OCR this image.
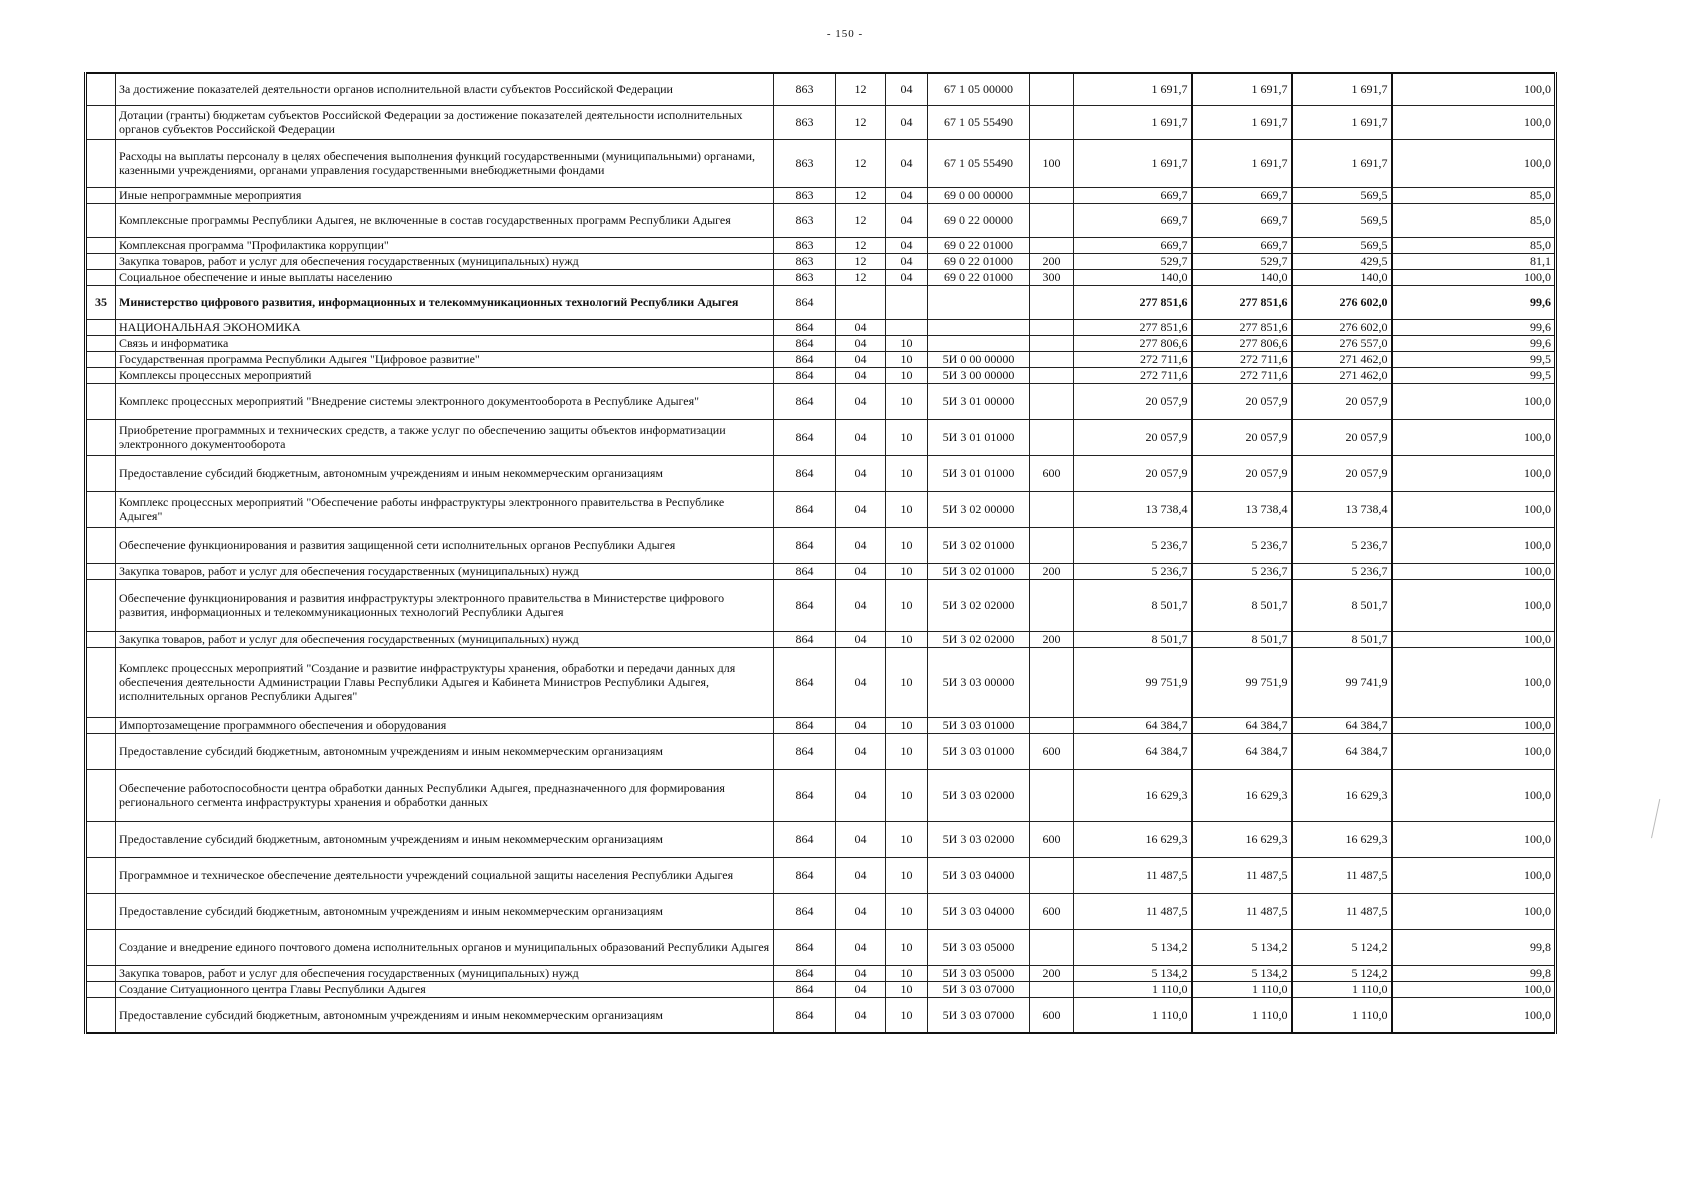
- 150 -
	За достижение показателей деятельности органов исполнительной власти субъектов Российской Федерации	863	12	04	67 1 05 00000		1 691,7	1 691,7	1 691,7	100,0
	Дотации (гранты) бюджетам субъектов Российской Федерации за достижение показателей деятельности исполнительных органов субъектов Российской Федерации	863	12	04	67 1 05 55490		1 691,7	1 691,7	1 691,7	100,0
	Расходы на выплаты персоналу в целях обеспечения выполнения функций государственными (муниципальными) органами, казенными учреждениями, органами управления государственными внебюджетными фондами	863	12	04	67 1 05 55490	100	1 691,7	1 691,7	1 691,7	100,0
	Иные непрограммные мероприятия	863	12	04	69 0 00 00000		669,7	669,7	569,5	85,0
	Комплексные программы Республики Адыгея, не включенные в состав государственных программ Республики Адыгея	863	12	04	69 0 22 00000		669,7	669,7	569,5	85,0
	Комплексная программа "Профилактика коррупции"	863	12	04	69 0 22 01000		669,7	669,7	569,5	85,0
	Закупка товаров, работ и услуг для обеспечения государственных (муниципальных) нужд	863	12	04	69 0 22 01000	200	529,7	529,7	429,5	81,1
	Социальное обеспечение и иные выплаты населению	863	12	04	69 0 22 01000	300	140,0	140,0	140,0	100,0
35	Министерство цифрового развития, информационных и телекоммуникационных технологий Республики Адыгея	864					277 851,6	277 851,6	276 602,0	99,6
	НАЦИОНАЛЬНАЯ ЭКОНОМИКА	864	04				277 851,6	277 851,6	276 602,0	99,6
	Связь и информатика	864	04	10			277 806,6	277 806,6	276 557,0	99,6
	Государственная программа Республики Адыгея "Цифровое развитие"	864	04	10	5И 0 00 00000		272 711,6	272 711,6	271 462,0	99,5
	Комплексы процессных мероприятий	864	04	10	5И 3 00 00000		272 711,6	272 711,6	271 462,0	99,5
	Комплекс процессных мероприятий "Внедрение системы электронного документооборота в Республике Адыгея"	864	04	10	5И 3 01 00000		20 057,9	20 057,9	20 057,9	100,0
	Приобретение программных и технических средств, а также услуг по обеспечению защиты объектов информатизации электронного документооборота	864	04	10	5И 3 01 01000		20 057,9	20 057,9	20 057,9	100,0
	Предоставление субсидий бюджетным, автономным учреждениям и иным некоммерческим организациям	864	04	10	5И 3 01 01000	600	20 057,9	20 057,9	20 057,9	100,0
	Комплекс процессных мероприятий "Обеспечение работы инфраструктуры электронного правительства в Республике Адыгея"	864	04	10	5И 3 02 00000		13 738,4	13 738,4	13 738,4	100,0
	Обеспечение функционирования и развития защищенной сети исполнительных органов Республики Адыгея	864	04	10	5И 3 02 01000		5 236,7	5 236,7	5 236,7	100,0
	Закупка товаров, работ и услуг для обеспечения государственных (муниципальных) нужд	864	04	10	5И 3 02 01000	200	5 236,7	5 236,7	5 236,7	100,0
	Обеспечение функционирования и развития инфраструктуры электронного правительства в Министерстве цифрового развития, информационных и телекоммуникационных технологий Республики Адыгея	864	04	10	5И 3 02 02000		8 501,7	8 501,7	8 501,7	100,0
	Закупка товаров, работ и услуг для обеспечения государственных (муниципальных) нужд	864	04	10	5И 3 02 02000	200	8 501,7	8 501,7	8 501,7	100,0
	Комплекс процессных мероприятий "Создание и развитие инфраструктуры хранения, обработки и передачи данных для обеспечения деятельности Администрации Главы Республики Адыгея и Кабинета Министров Республики Адыгея, исполнительных органов Республики Адыгея"	864	04	10	5И 3 03 00000		99 751,9	99 751,9	99 741,9	100,0
	Импортозамещение программного обеспечения и оборудования	864	04	10	5И 3 03 01000		64 384,7	64 384,7	64 384,7	100,0
	Предоставление субсидий бюджетным, автономным учреждениям и иным некоммерческим организациям	864	04	10	5И 3 03 01000	600	64 384,7	64 384,7	64 384,7	100,0
	Обеспечение работоспособности центра обработки данных Республики Адыгея, предназначенного для формирования регионального сегмента инфраструктуры хранения и обработки данных	864	04	10	5И 3 03 02000		16 629,3	16 629,3	16 629,3	100,0
	Предоставление субсидий бюджетным, автономным учреждениям и иным некоммерческим организациям	864	04	10	5И 3 03 02000	600	16 629,3	16 629,3	16 629,3	100,0
	Программное и техническое обеспечение деятельности учреждений социальной защиты населения Республики Адыгея	864	04	10	5И 3 03 04000		11 487,5	11 487,5	11 487,5	100,0
	Предоставление субсидий бюджетным, автономным учреждениям и иным некоммерческим организациям	864	04	10	5И 3 03 04000	600	11 487,5	11 487,5	11 487,5	100,0
	Создание и внедрение единого почтового домена исполнительных органов и муниципальных образований Республики Адыгея	864	04	10	5И 3 03 05000		5 134,2	5 134,2	5 124,2	99,8
	Закупка товаров, работ и услуг для обеспечения государственных (муниципальных) нужд	864	04	10	5И 3 03 05000	200	5 134,2	5 134,2	5 124,2	99,8
	Создание Ситуационного центра Главы Республики Адыгея	864	04	10	5И 3 03 07000		1 110,0	1 110,0	1 110,0	100,0
	Предоставление субсидий бюджетным, автономным учреждениям и иным некоммерческим организациям	864	04	10	5И 3 03 07000	600	1 110,0	1 110,0	1 110,0	100,0
